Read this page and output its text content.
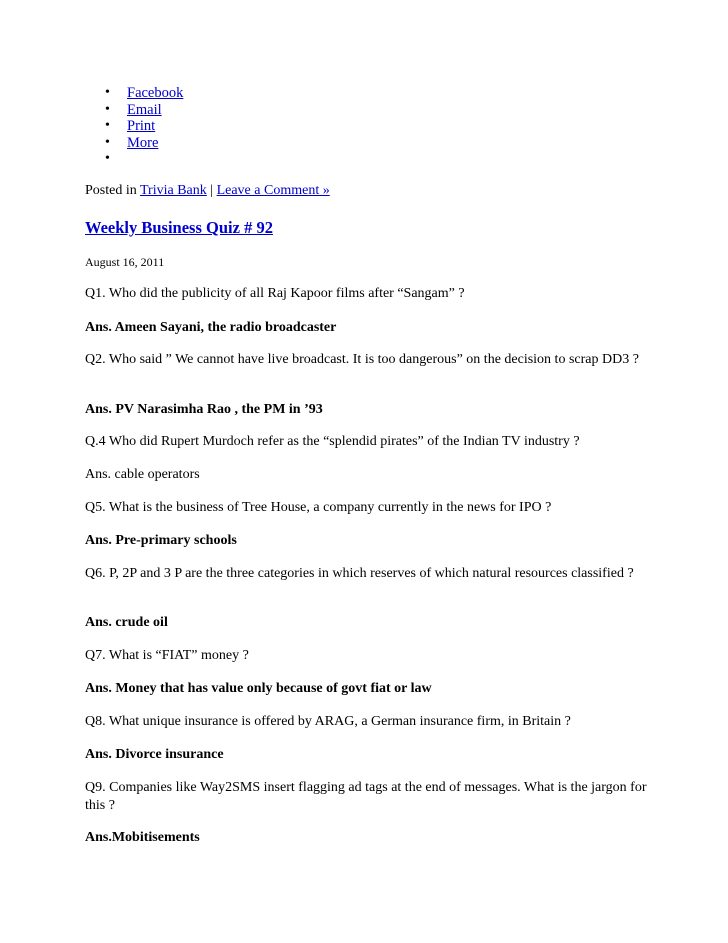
• Facebook
• Email
• Print
• More
•

Posted in Trivia Bank | Leave a Comment »

Weekly Business Quiz # 92

August 16, 2011

Q1. Who did the publicity of all Raj Kapoor films after “Sangam” ?

Ans. Ameen Sayani, the radio broadcaster

Q2. Who said ” We cannot have live broadcast. It is too dangerous” on the decision to scrap DD3 ?

Ans. PV Narasimha Rao , the PM in ’93

Q.4 Who did Rupert Murdoch refer as the “splendid pirates” of the Indian TV industry ?

Ans. cable operators

Q5. What is the business of Tree House, a company currently in the news for IPO ?

Ans. Pre-primary schools

Q6. P, 2P and 3 P are the three categories in which reserves of which natural resources classified ?

Ans. crude oil

Q7. What is “FIAT” money ?

Ans. Money that has value only because of govt fiat or law

Q8. What unique insurance is offered by ARAG, a German insurance firm, in Britain ?

Ans. Divorce insurance

Q9. Companies like Way2SMS insert flagging ad tags at the end of messages. What is the jargon for this ?

Ans.Mobitisements
